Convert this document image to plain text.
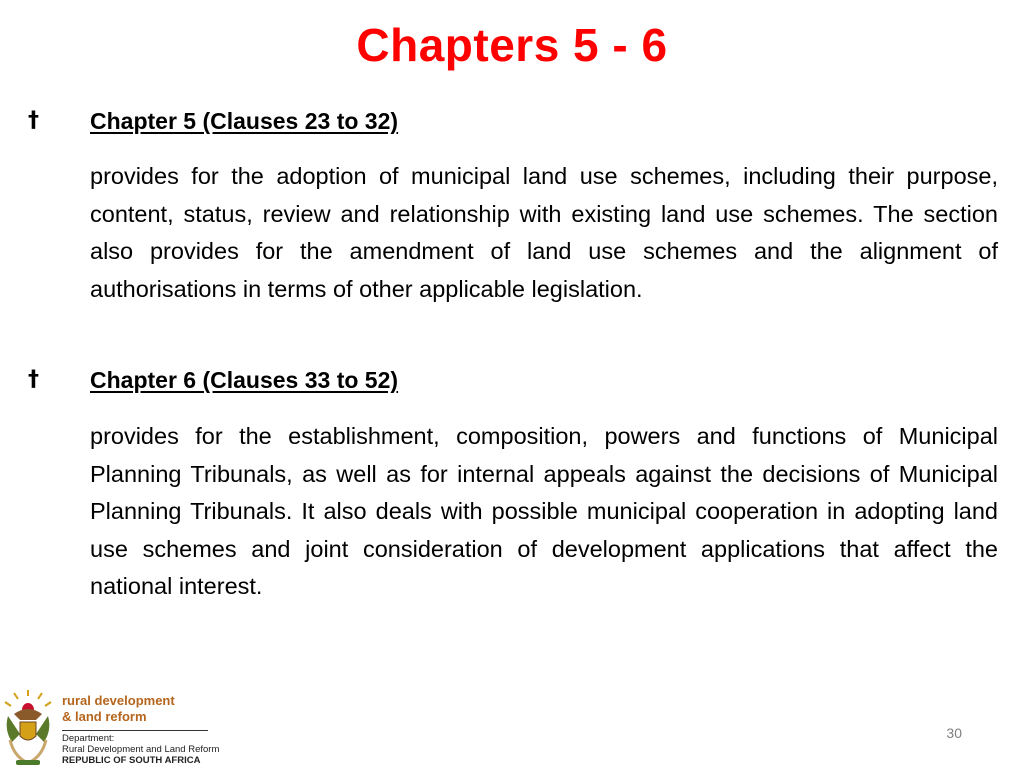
Chapters 5 - 6
† Chapter 5 (Clauses 23 to 32)
provides for the adoption of municipal land use schemes, including their purpose, content, status, review and relationship with existing land use schemes. The section also provides for the amendment of land use schemes and the alignment of authorisations in terms of other applicable legislation.
† Chapter 6 (Clauses 33 to 52)
provides for the establishment, composition, powers and functions of Municipal Planning Tribunals, as well as for internal appeals against the decisions of Municipal Planning Tribunals. It also deals with possible municipal cooperation in adopting land use schemes and joint consideration of development applications that affect the national interest.
rural development
& land reform
Department:
Rural Development and Land Reform
REPUBLIC OF SOUTH AFRICA
30
